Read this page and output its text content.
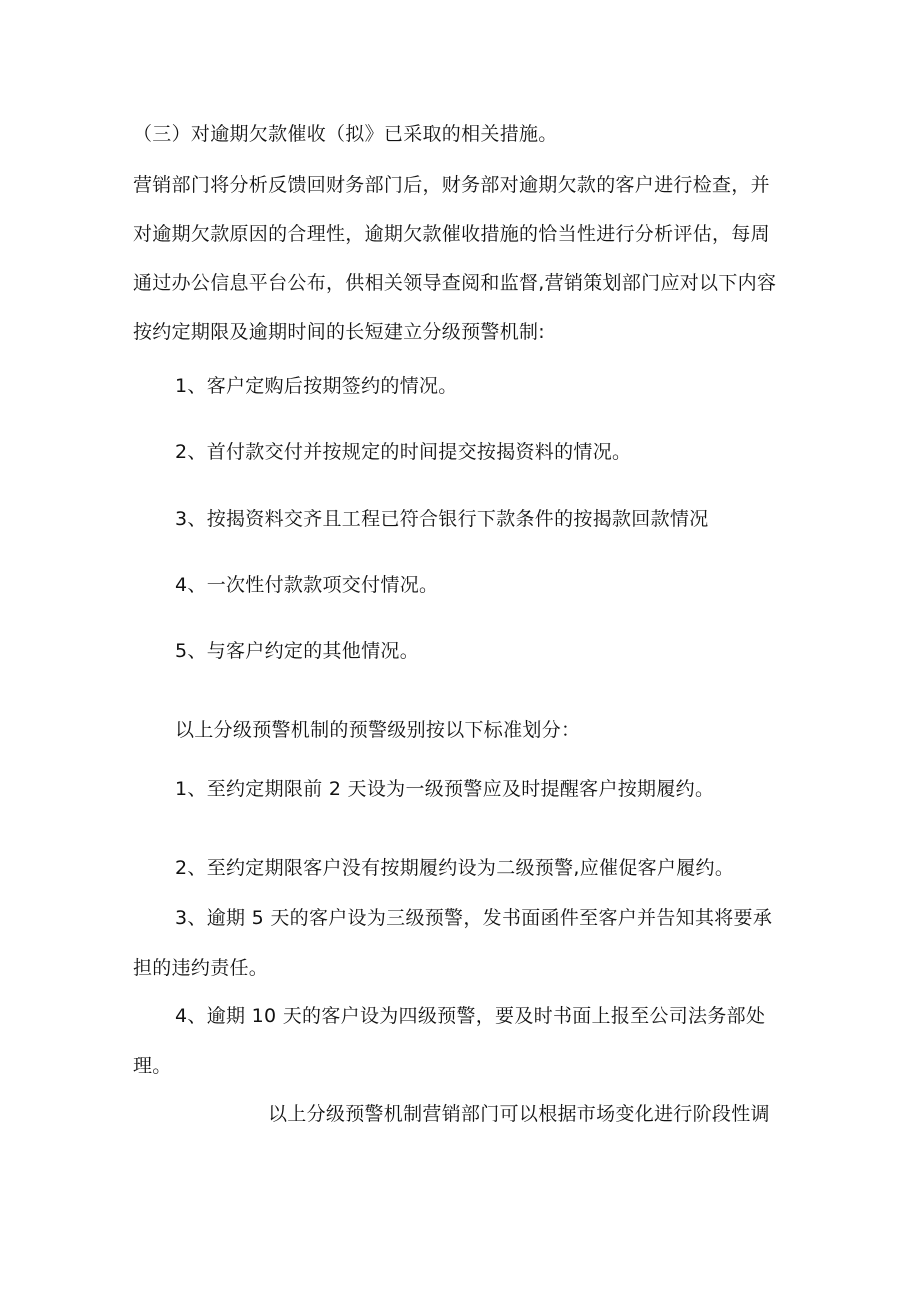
（三）对逾期欠款催收（拟》已采取的相关措施。
营销部门将分析反馈回财务部门后，财务部对逾期欠款的客户进行检查，并
对逾期欠款原因的合理性，逾期欠款催收措施的恰当性进行分析评估，每周
通过办公信息平台公布，供相关领导查阅和监督,营销策划部门应对以下内容
按约定期限及逾期时间的长短建立分级预警机制:
1、客户定购后按期签约的情况。
2、首付款交付并按规定的时间提交按揭资料的情况。
3、按揭资料交齐且工程已符合银行下款条件的按揭款回款情况
4、一次性付款款项交付情况。
5、与客户约定的其他情况。
以上分级预警机制的预警级别按以下标准划分：
1、至约定期限前 2 天设为一级预警应及时提醒客户按期履约。
2、至约定期限客户没有按期履约设为二级预警,应催促客户履约。
3、逾期 5 天的客户设为三级预警，发书面函件至客户并告知其将要承
担的违约责任。
4、逾期 10 天的客户设为四级预警，要及时书面上报至公司法务部处
理。
以上分级预警机制营销部门可以根据市场变化进行阶段性调
